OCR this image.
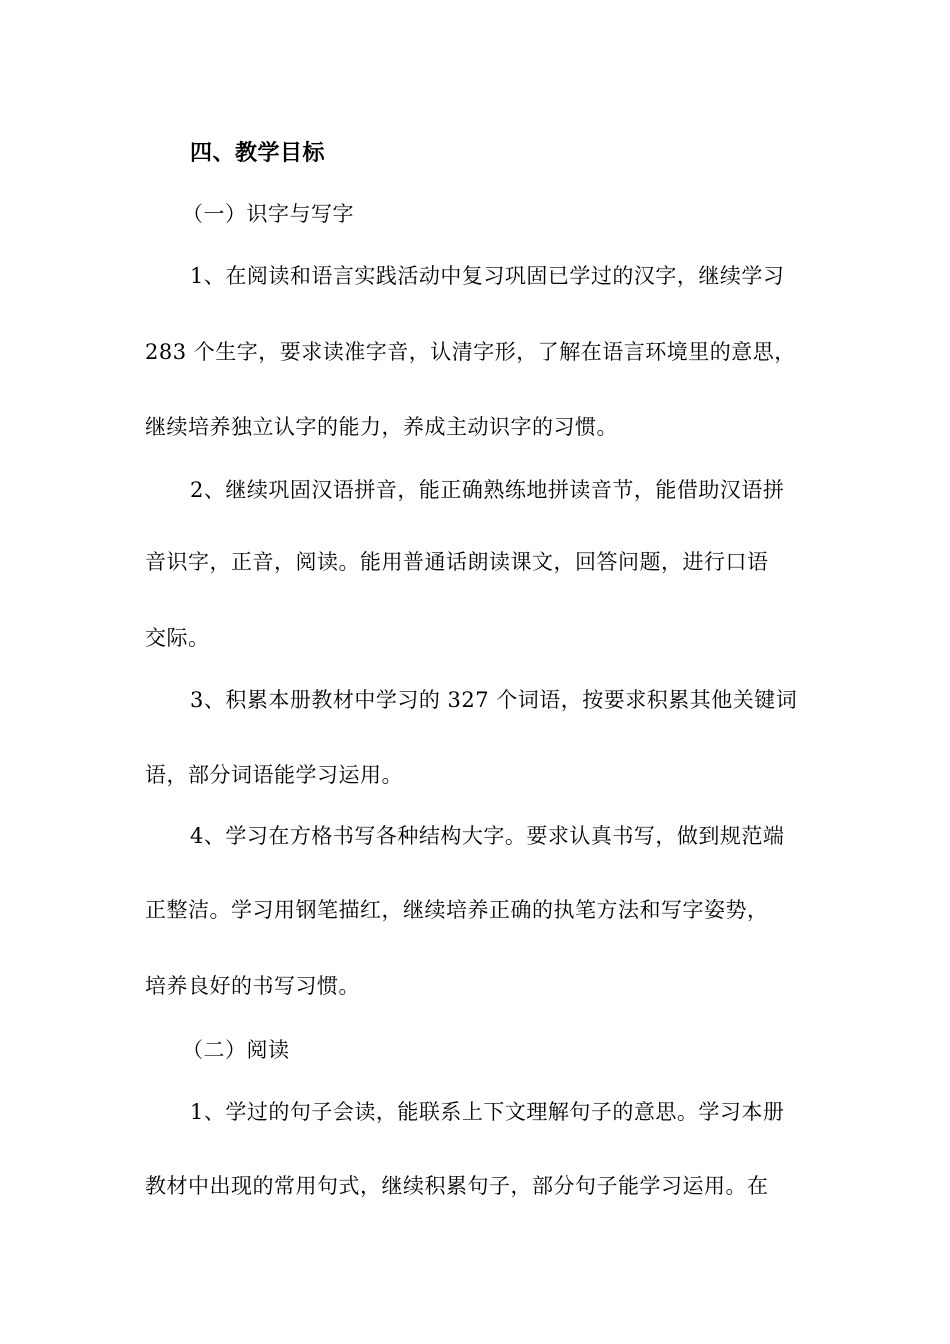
四、教学目标
（一）识字与写字
1、在阅读和语言实践活动中复习巩固已学过的汉字，继续学习
283 个生字，要求读准字音，认清字形，了解在语言环境里的意思，
继续培养独立认字的能力，养成主动识字的习惯。
2、继续巩固汉语拼音，能正确熟练地拼读音节，能借助汉语拼
音识字，正音，阅读。能用普通话朗读课文，回答问题，进行口语
交际。
3、积累本册教材中学习的 327 个词语，按要求积累其他关键词
语，部分词语能学习运用。
4、学习在方格书写各种结构大字。要求认真书写，做到规范端
正整洁。学习用钢笔描红，继续培养正确的执笔方法和写字姿势，
培养良好的书写习惯。
（二）阅读
1、学过的句子会读，能联系上下文理解句子的意思。学习本册
教材中出现的常用句式，继续积累句子，部分句子能学习运用。在
